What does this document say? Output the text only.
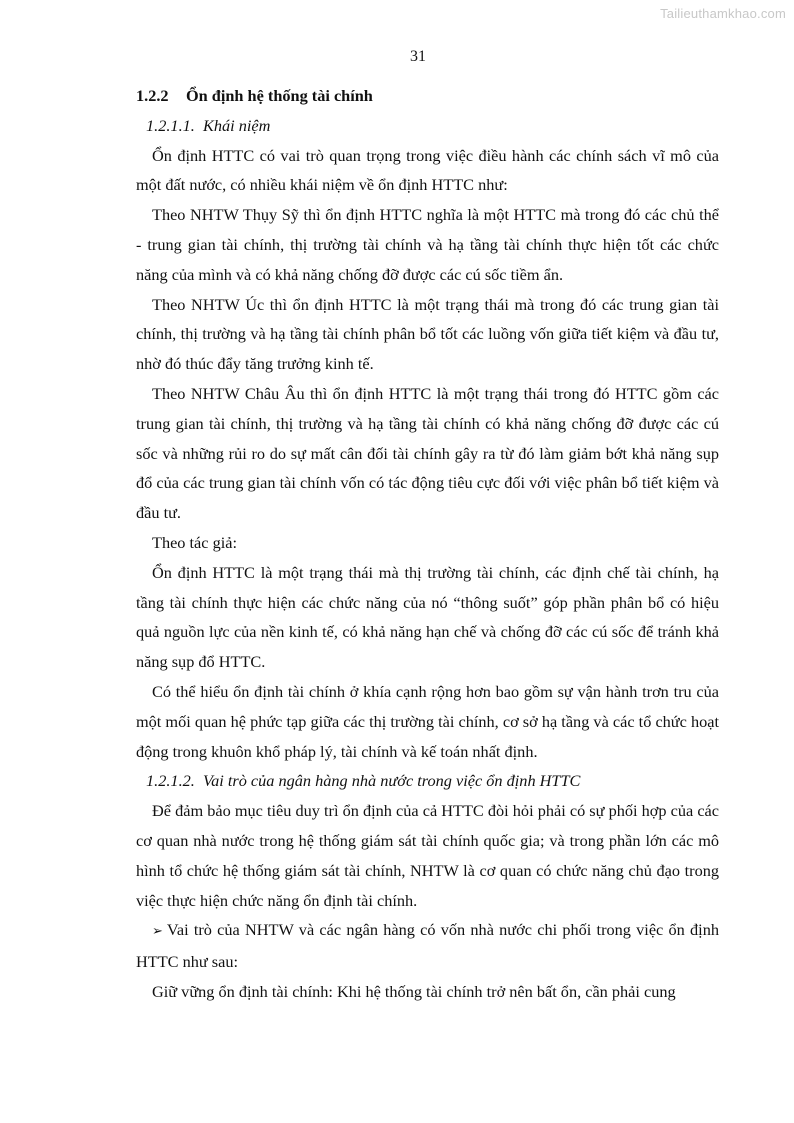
Tailieuthamkhao.com
31

1.2.2 Ổn định hệ thống tài chính

1.2.1.1. Khái niệm

Ổn định HTTC có vai trò quan trọng trong việc điều hành các chính sách vĩ mô của một đất nước, có nhiều khái niệm về ổn định HTTC như:

Theo NHTW Thụy Sỹ thì ổn định HTTC nghĩa là một HTTC mà trong đó các chủ thể - trung gian tài chính, thị trường tài chính và hạ tầng tài chính thực hiện tốt các chức năng của mình và có khả năng chống đỡ được các cú sốc tiềm ẩn.

Theo NHTW Úc thì ổn định HTTC là một trạng thái mà trong đó các trung gian tài chính, thị trường và hạ tầng tài chính phân bổ tốt các luồng vốn giữa tiết kiệm và đầu tư, nhờ đó thúc đẩy tăng trưởng kinh tế.

Theo NHTW Châu Âu thì ổn định HTTC là một trạng thái trong đó HTTC gồm các trung gian tài chính, thị trường và hạ tầng tài chính có khả năng chống đỡ được các cú sốc và những rủi ro do sự mất cân đối tài chính gây ra từ đó làm giảm bớt khả năng sụp đổ của các trung gian tài chính vốn có tác động tiêu cực đối với việc phân bổ tiết kiệm và đầu tư.

Theo tác giả:

Ổn định HTTC là một trạng thái mà thị trường tài chính, các định chế tài chính, hạ tầng tài chính thực hiện các chức năng của nó “thông suốt” góp phần phân bổ có hiệu quả nguồn lực của nền kinh tế, có khả năng hạn chế và chống đỡ các cú sốc để tránh khả năng sụp đổ HTTC.

Có thể hiểu ổn định tài chính ở khía cạnh rộng hơn bao gồm sự vận hành trơn tru của một mối quan hệ phức tạp giữa các thị trường tài chính, cơ sở hạ tầng và các tổ chức hoạt động trong khuôn khổ pháp lý, tài chính và kế toán nhất định.

1.2.1.2. Vai trò của ngân hàng nhà nước trong việc ổn định HTTC

Để đảm bảo mục tiêu duy trì ổn định của cả HTTC đòi hỏi phải có sự phối hợp của các cơ quan nhà nước trong hệ thống giám sát tài chính quốc gia; và trong phần lớn các mô hình tổ chức hệ thống giám sát tài chính, NHTW là cơ quan có chức năng chủ đạo trong việc thực hiện chức năng ổn định tài chính.

➢ Vai trò của NHTW và các ngân hàng có vốn nhà nước chi phối trong việc ổn định HTTC như sau:

Giữ vững ổn định tài chính: Khi hệ thống tài chính trở nên bất ổn, cần phải cung
